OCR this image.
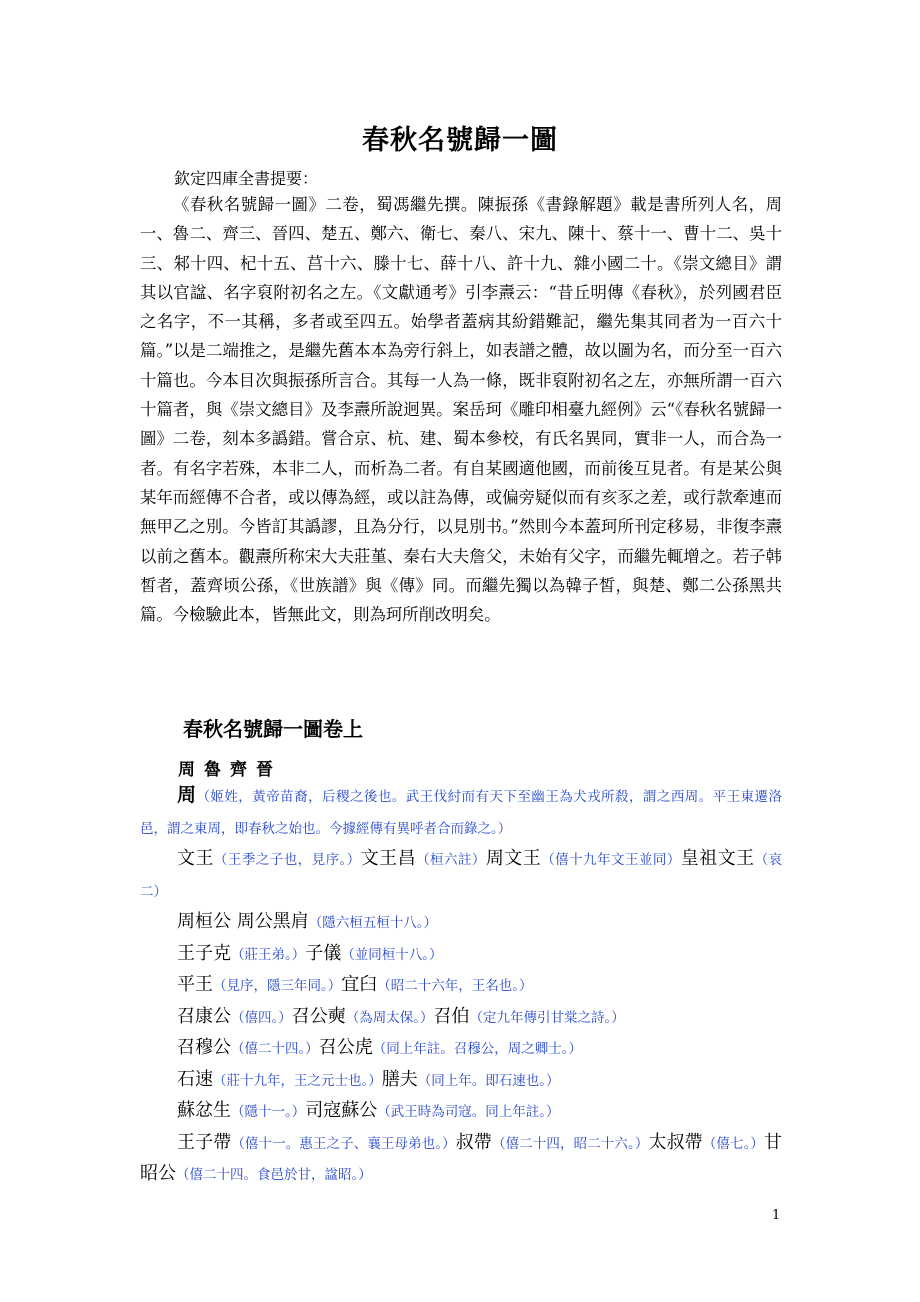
春秋名號歸一圖
欽定四庫全書提要：

《春秋名號歸一圖》二卷，蜀馮繼先撰。陳振孫《書錄解題》載是書所列人名，周一、魯二、齊三、晉四、楚五、鄭六、衛七、秦八、宋九、陳十、蔡十一、曹十二、吳十三、邾十四、杞十五、莒十六、滕十七、薛十八、許十九、雜小國二十。《崇文總目》謂其以官諡、名字裒附初名之左。《文獻通考》引李燾云：“昔丘明傳《春秋》，於列國君臣之名字，不一其稱，多者或至四五。始學者蓋病其紛錯難記，繼先集其同者为一百六十篇。”以是二端推之，是繼先舊本本為旁行斜上，如表譜之體，故以圖为名，而分至一百六十篇也。今本目次與振孫所言合。其每一人為一條，既非裒附初名之左，亦無所謂一百六十篇者，與《崇文總目》及李燾所說迥異。案岳珂《雕印相臺九經例》云“《春秋名號歸一圖》二卷，刻本多譌錯。嘗合京、杭、建、蜀本參校，有氏名異同，實非一人，而合為一者。有名字若殊，本非二人，而析為二者。有自某國適他國，而前後互見者。有是某公與某年而經傳不合者，或以傳為經，或以註為傳，或偏旁疑似而有亥豕之差，或行款牽連而無甲乙之別。今皆訂其譌謬，且為分行，以見別书。”然則今本蓋珂所刊定移易，非復李燾以前之舊本。觀燾所称宋大夫莊堇、秦右大夫詹父，未始有父字，而繼先輒增之。若子韩皙者，蓋齊顷公孫，《世族譜》與《傳》同。而繼先獨以為韓子皙，與楚、鄭二公孫黑共篇。今檢驗此本，皆無此文，則為珂所削改明矣。

春秋名號歸一圖卷上
周魯齊晉

周（姬姓，黃帝苗裔，后稷之後也。武王伐紂而有天下至幽王為犬戎所殺，謂之西周。平王東遷洛邑，謂之東周，即春秋之始也。今據經傳有異呼者合而錄之。）

文王（王季之子也，見序。）文王昌（桓六註）周文王（僖十九年文王並同）皇祖文王（哀二）

周桓公 周公黑肩（隱六桓五桓十八。）

王子克（莊王弟。）子儀（並同桓十八。）

平王（見序，隱三年同。）宜臼（昭二十六年，王名也。）

召康公（僖四。）召公奭（為周太保。）召伯（定九年傳引甘棠之詩。）

召穆公（僖二十四。）召公虎（同上年註。召穆公，周之卿士。）

石速（莊十九年，王之元士也。）膳夫（同上年。即石速也。）

蘇忿生（隱十一。）司寇蘇公（武王時為司寇。同上年註。）

王子帶（僖十一。惠王之子、襄王母弟也。）叔帶（僖二十四，昭二十六。）太叔帶（僖七。）甘昭公（僖二十四。食邑於甘，諡昭。）

1
